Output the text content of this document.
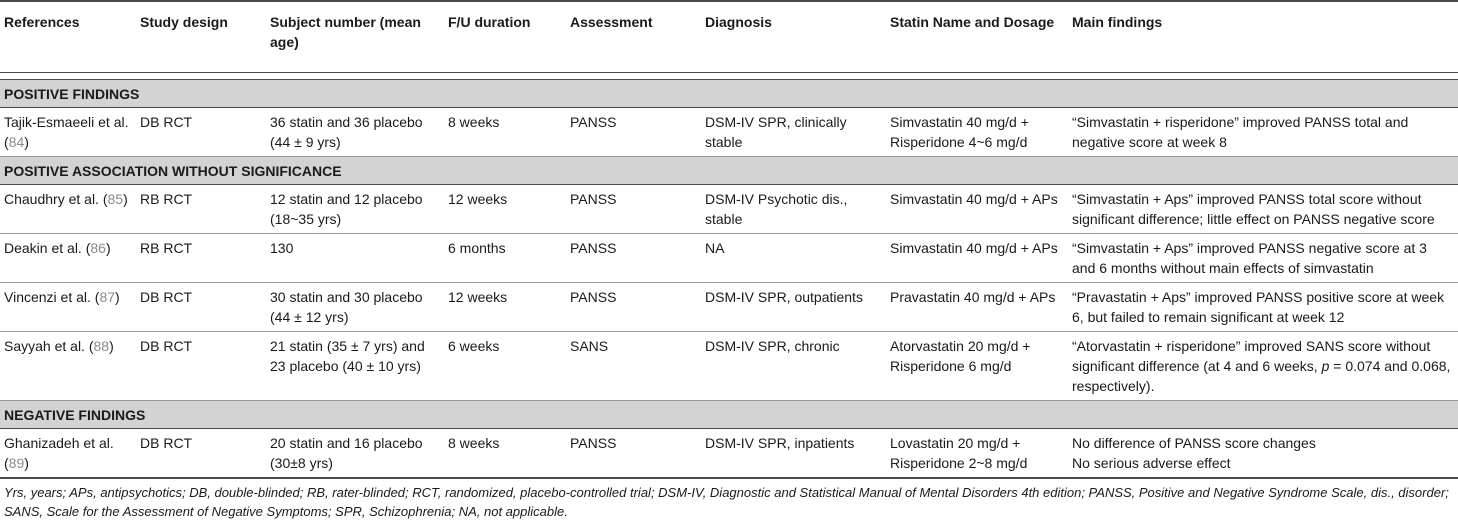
References	Study design	Subject number (mean age)	F/U duration	Assessment	Diagnosis	Statin Name and Dosage	Main findings

POSITIVE FINDINGS							
Tajik-Esmaeeli et al. (84)	DB RCT	36 statin and 36 placebo (44 ± 9 yrs)	8 weeks	PANSS	DSM-IV SPR, clinically stable	Simvastatin 40 mg/d + Risperidone 4~6 mg/d	“Simvastatin + risperidone” improved PANSS total and negative score at week 8
POSITIVE ASSOCIATION WITHOUT SIGNIFICANCE							
Chaudhry et al. (85)	RB RCT	12 statin and 12 placebo (18~35 yrs)	12 weeks	PANSS	DSM-IV Psychotic dis., stable	Simvastatin 40 mg/d + APs	“Simvastatin + Aps” improved PANSS total score without significant difference; little effect on PANSS negative score
Deakin et al. (86)	RB RCT	130	6 months	PANSS	NA	Simvastatin 40 mg/d + APs	“Simvastatin + Aps” improved PANSS negative score at 3 and 6 months without main effects of simvastatin
Vincenzi et al. (87)	DB RCT	30 statin and 30 placebo (44 ± 12 yrs)	12 weeks	PANSS	DSM-IV SPR, outpatients	Pravastatin 40 mg/d + APs	“Pravastatin + Aps” improved PANSS positive score at week 6, but failed to remain significant at week 12
Sayyah et al. (88)	DB RCT	21 statin (35 ± 7 yrs) and 23 placebo (40 ± 10 yrs)	6 weeks	SANS	DSM-IV SPR, chronic	Atorvastatin 20 mg/d + Risperidone 6 mg/d	“Atorvastatin + risperidone” improved SANS score without significant difference (at 4 and 6 weeks, p = 0.074 and 0.068, respectively).
NEGATIVE FINDINGS							
Ghanizadeh et al. (89)	DB RCT	20 statin and 16 placebo (30±8 yrs)	8 weeks	PANSS	DSM-IV SPR, inpatients	Lovastatin 20 mg/d + Risperidone 2~8 mg/d	No difference of PANSS score changes
No serious adverse effect
Yrs, years; APs, antipsychotics; DB, double-blinded; RB, rater-blinded; RCT, randomized, placebo-controlled trial; DSM-IV, Diagnostic and Statistical Manual of Mental Disorders 4th edition; PANSS, Positive and Negative Syndrome Scale, dis., disorder; SANS, Scale for the Assessment of Negative Symptoms; SPR, Schizophrenia; NA, not applicable.
